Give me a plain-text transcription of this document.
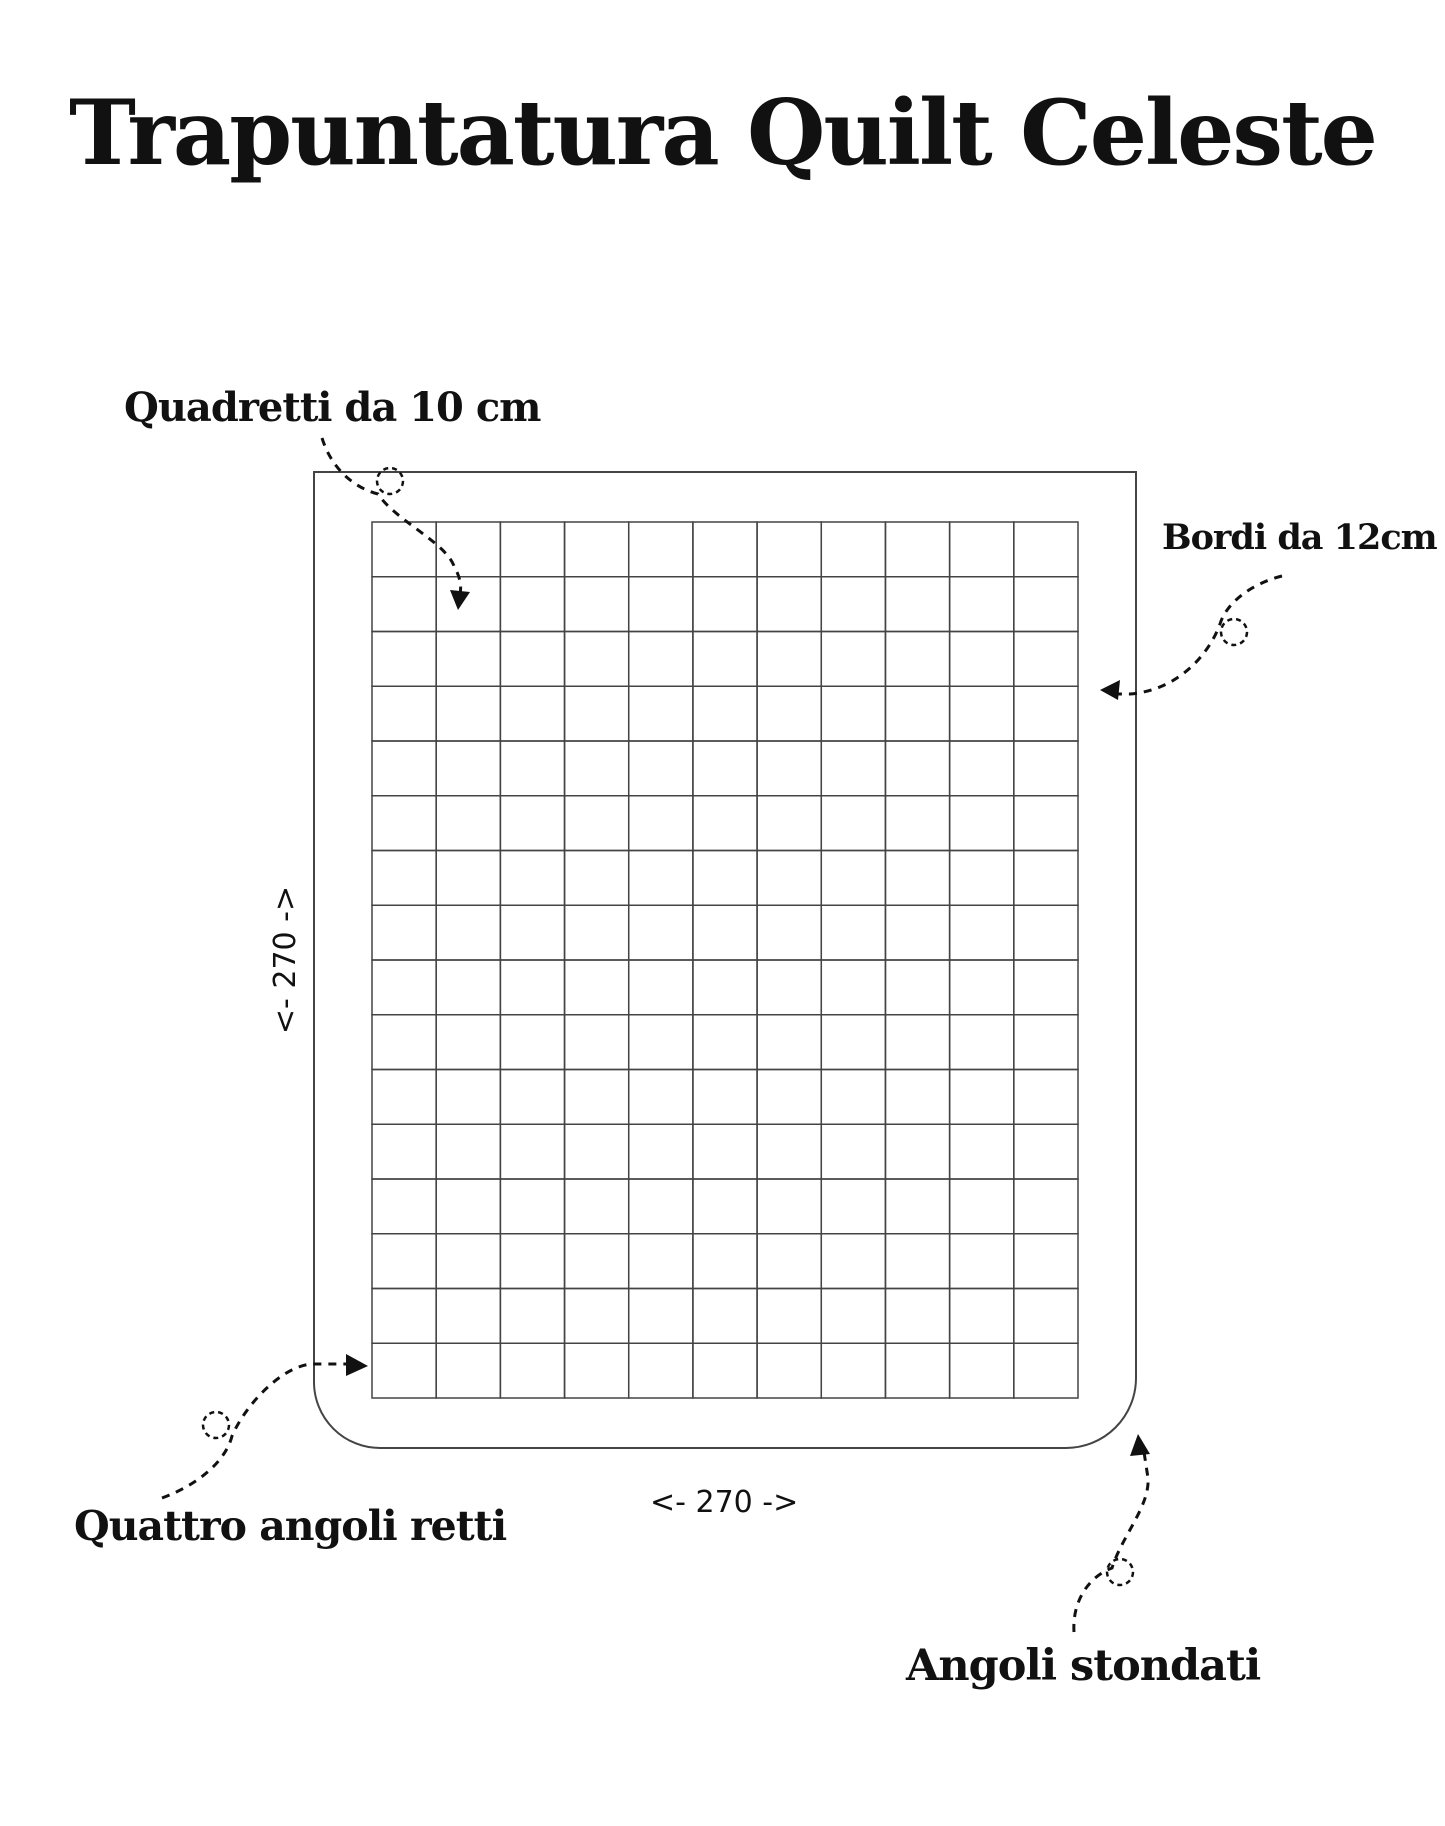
Trapuntatura Quilt Celeste
Quadretti da 10 cm
Bordi da 12cm
Quattro angoli retti
Angoli stondati
<- 270 ->
<- 270 ->
